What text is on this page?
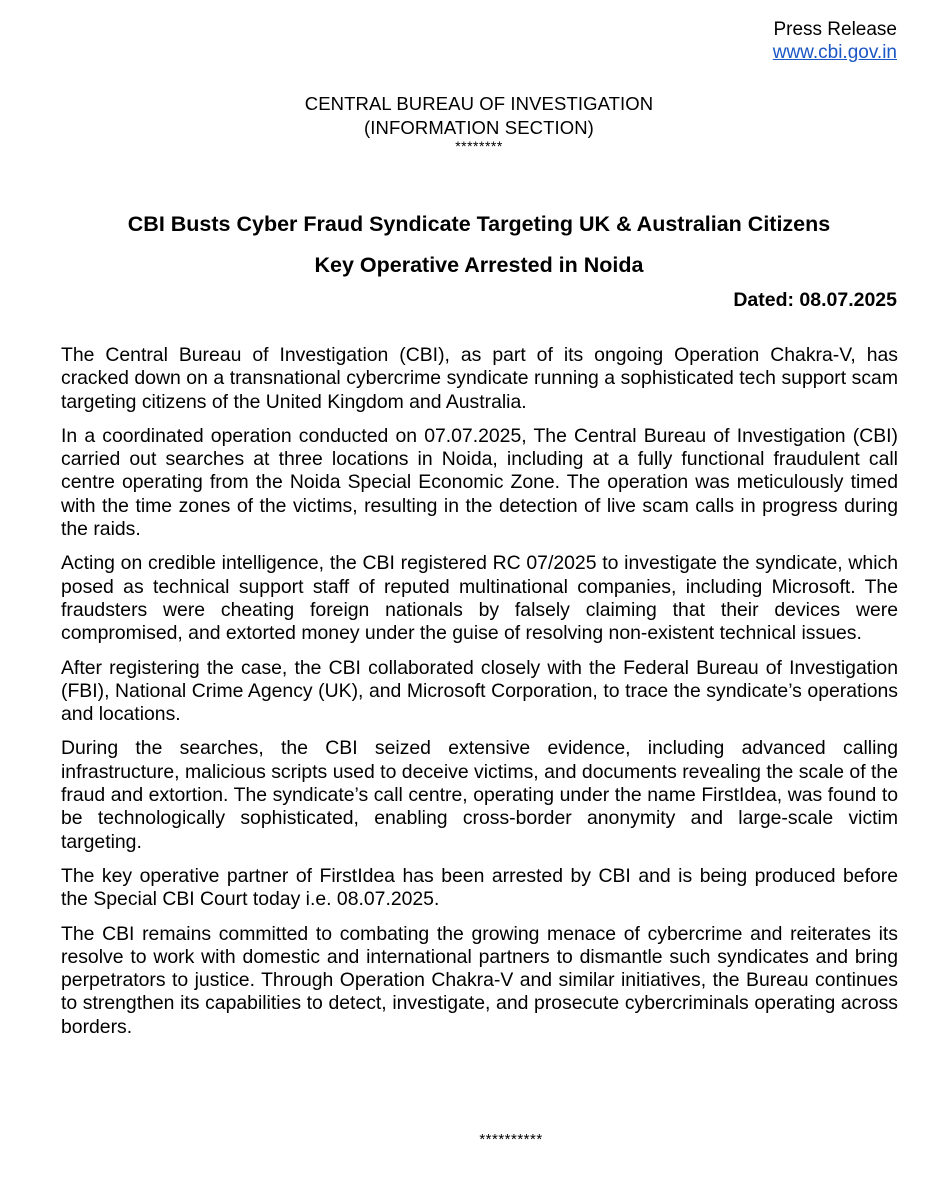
Press Release
www.cbi.gov.in
CENTRAL BUREAU OF INVESTIGATION
(INFORMATION SECTION)
********
CBI Busts Cyber Fraud Syndicate Targeting UK & Australian Citizens
Key Operative Arrested in Noida
Dated: 08.07.2025

The Central Bureau of Investigation (CBI), as part of its ongoing Operation Chakra-V, has cracked down on a transnational cybercrime syndicate running a sophisticated tech support scam targeting citizens of the United Kingdom and Australia.

In a coordinated operation conducted on 07.07.2025, The Central Bureau of Investigation (CBI) carried out searches at three locations in Noida, including at a fully functional fraudulent call centre operating from the Noida Special Economic Zone. The operation was meticulously timed with the time zones of the victims, resulting in the detection of live scam calls in progress during the raids.

Acting on credible intelligence, the CBI registered RC 07/2025 to investigate the syndicate, which posed as technical support staff of reputed multinational companies, including Microsoft. The fraudsters were cheating foreign nationals by falsely claiming that their devices were compromised, and extorted money under the guise of resolving non-existent technical issues.

After registering the case, the CBI collaborated closely with the Federal Bureau of Investigation (FBI), National Crime Agency (UK), and Microsoft Corporation, to trace the syndicate’s operations and locations.

During the searches, the CBI seized extensive evidence, including advanced calling infrastructure, malicious scripts used to deceive victims, and documents revealing the scale of the fraud and extortion. The syndicate’s call centre, operating under the name FirstIdea, was found to be technologically sophisticated, enabling cross-border anonymity and large-scale victim targeting.

The key operative partner of FirstIdea has been arrested by CBI and is being produced before the Special CBI Court today i.e. 08.07.2025.

The CBI remains committed to combating the growing menace of cybercrime and reiterates its resolve to work with domestic and international partners to dismantle such syndicates and bring perpetrators to justice. Through Operation Chakra-V and similar initiatives, the Bureau continues to strengthen its capabilities to detect, investigate, and prosecute cybercriminals operating across borders.

**********
